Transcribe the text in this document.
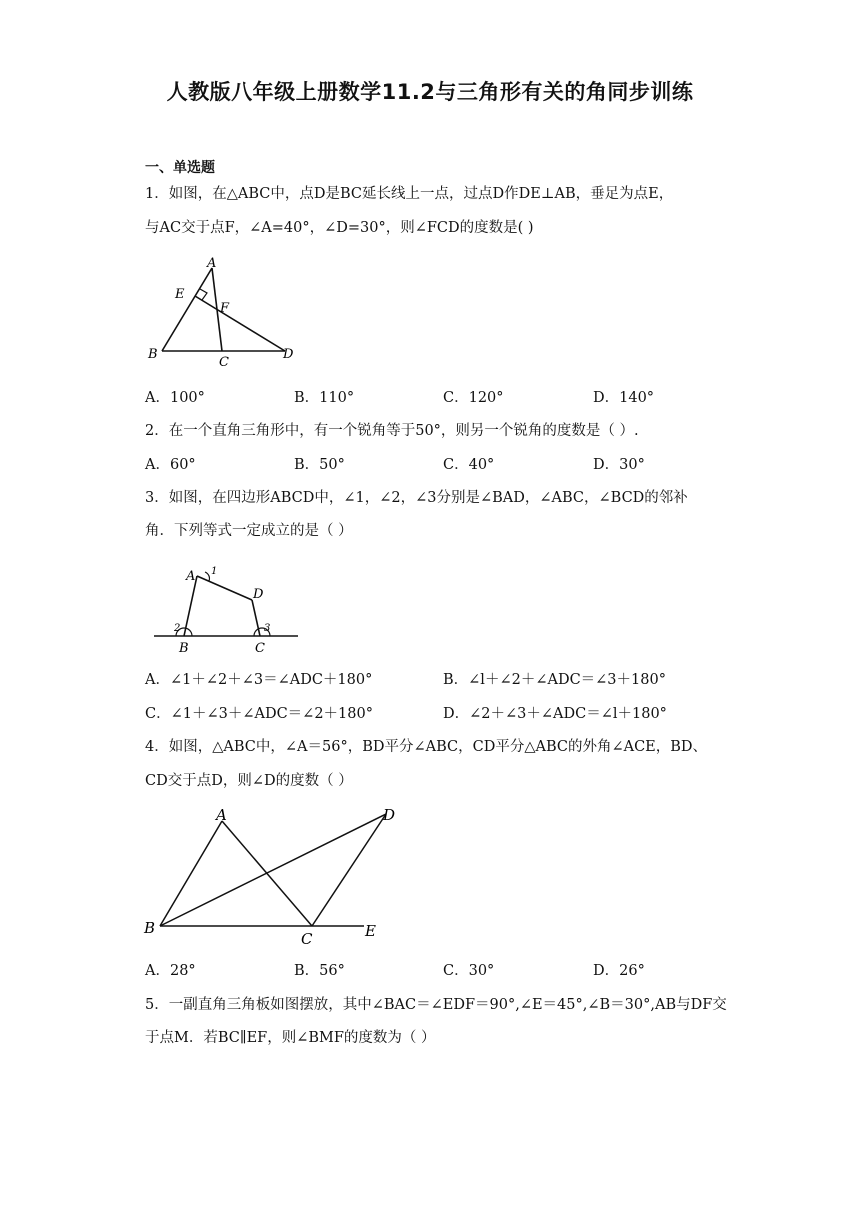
人教版八年级上册数学11.2与三角形有关的角同步训练
一、单选题
1．如图，在△ABC中，点D是BC延长线上一点，过点D作DE⊥AB，垂足为点E，
与AC交于点F，∠A=40°，∠D=30°，则∠FCD的度数是( )
A
E
F
B
C
D
A．100°	B．110°	C．120°	D．140°
2．在一个直角三角形中，有一个锐角等于50°，则另一个锐角的度数是（ ）.
A．60°	B．50°	C．40°	D．30°
3．如图，在四边形ABCD中，∠1，∠2，∠3分别是∠BAD，∠ABC，∠BCD的邻补
角．下列等式一定成立的是（ ）
A 1
D
2	3
B	C
A．∠1＋∠2＋∠3＝∠ADC＋180°	B．∠l＋∠2＋∠ADC＝∠3＋180°
C．∠1＋∠3＋∠ADC＝∠2＋180°	D．∠2＋∠3＋∠ADC＝∠l＋180°
4．如图，△ABC中，∠A＝56°，BD平分∠ABC，CD平分△ABC的外角∠ACE，BD、
CD交于点D，则∠D的度数（ ）
A	D
B
C	E
A．28°	B．56°	C．30°	D．26°
5．一副直角三角板如图摆放，其中∠BAC＝∠EDF＝90°,∠E＝45°,∠B＝30°,AB与DF交
于点M．若BC∥EF，则∠BMF的度数为（ ）
